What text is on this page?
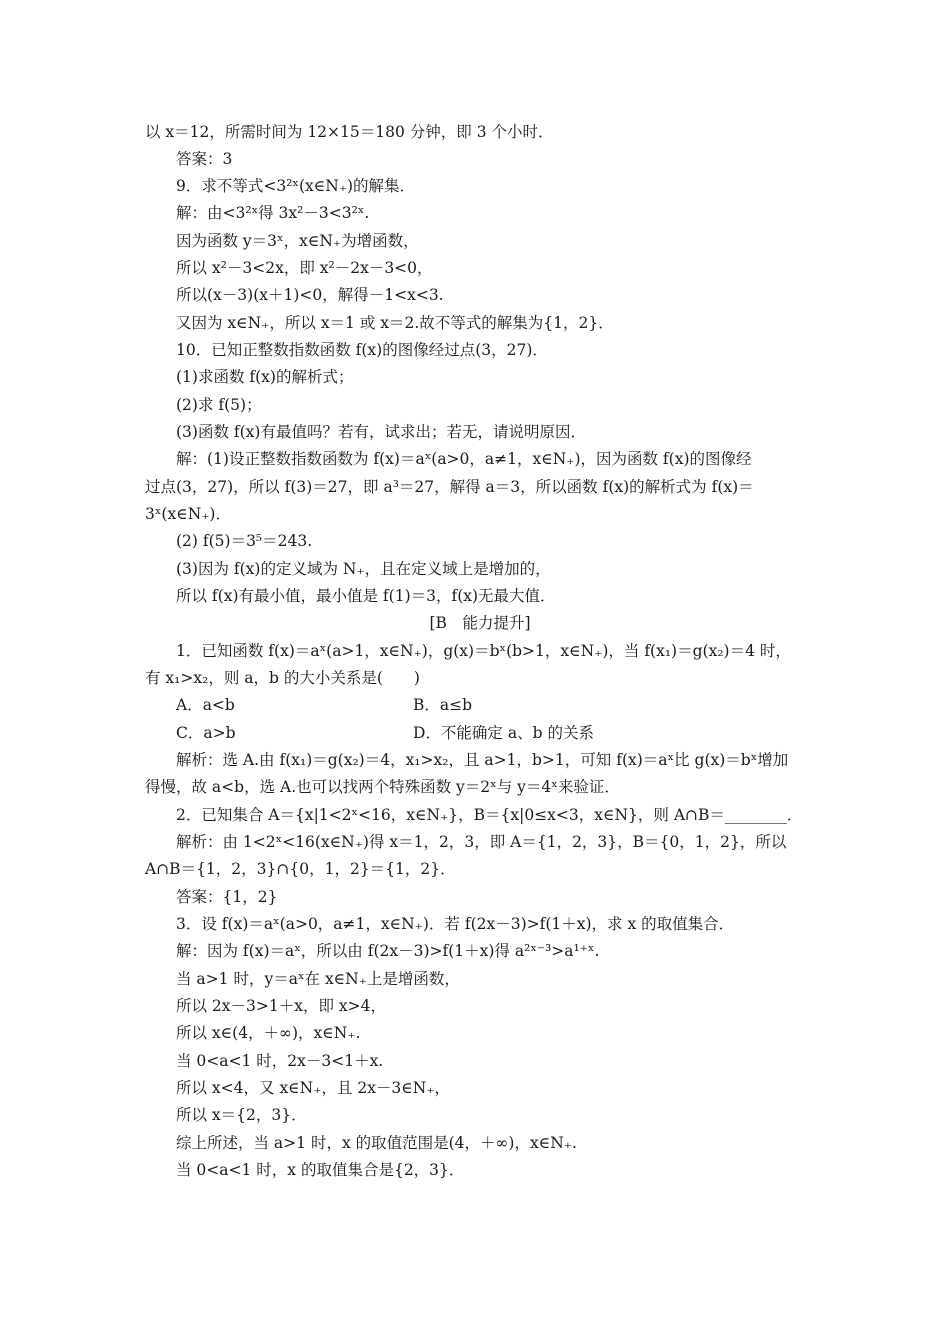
以 x＝12，所需时间为 12×15＝180 分钟，即 3 个小时．
答案：3
9．求不等式<3²ˣ(x∈N₊)的解集．
解：由<3²ˣ得 3x²－3<3²ˣ.
因为函数 y＝3ˣ，x∈N₊为增函数，
所以 x²－3<2x，即 x²－2x－3<0，
所以(x－3)(x＋1)<0，解得－1<x<3.
又因为 x∈N₊，所以 x＝1 或 x＝2.故不等式的解集为{1，2}．
10．已知正整数指数函数 f(x)的图像经过点(3，27)．
(1)求函数 f(x)的解析式；
(2)求 f(5)；
(3)函数 f(x)有最值吗？若有，试求出；若无，请说明原因．
解：(1)设正整数指数函数为 f(x)＝aˣ(a>0，a≠1，x∈N₊)，因为函数 f(x)的图像经
过点(3，27)，所以 f(3)＝27，即 a³＝27，解得 a＝3，所以函数 f(x)的解析式为 f(x)＝
3ˣ(x∈N₊)．
(2) f(5)＝3⁵＝243.
(3)因为 f(x)的定义域为 N₊，且在定义域上是增加的，
所以 f(x)有最小值，最小值是 f(1)＝3，f(x)无最大值．
[B　能力提升]
1．已知函数 f(x)＝aˣ(a>1，x∈N₊)，g(x)＝bˣ(b>1，x∈N₊)，当 f(x₁)＝g(x₂)＝4 时，
有 x₁>x₂，则 a，b 的大小关系是(　　)
A．a<b	B．a≤b
C．a>b	D．不能确定 a、b 的关系
解析：选 A.由 f(x₁)＝g(x₂)＝4，x₁>x₂，且 a>1，b>1，可知 f(x)＝aˣ比 g(x)＝bˣ增加
得慢，故 a<b，选 A.也可以找两个特殊函数 y＝2ˣ与 y＝4ˣ来验证．
2．已知集合 A＝{x|1<2ˣ<16，x∈N₊}，B＝{x|0≤x<3，x∈N}，则 A∩B＝________．
解析：由 1<2ˣ<16(x∈N₊)得 x＝1，2，3，即 A＝{1，2，3}，B＝{0，1，2}，所以
A∩B＝{1，2，3}∩{0，1，2}＝{1，2}．
答案：{1，2}
3．设 f(x)＝aˣ(a>0，a≠1，x∈N₊)．若 f(2x－3)>f(1＋x)，求 x 的取值集合．
解：因为 f(x)＝aˣ，所以由 f(2x－3)>f(1＋x)得 a²ˣ⁻³>a¹⁺ˣ.
当 a>1 时，y＝aˣ在 x∈N₊上是增函数，
所以 2x－3>1＋x，即 x>4，
所以 x∈(4，＋∞)，x∈N₊.
当 0<a<1 时，2x－3<1＋x.
所以 x<4，又 x∈N₊，且 2x－3∈N₊，
所以 x＝{2，3}．
综上所述，当 a>1 时，x 的取值范围是(4，＋∞)，x∈N₊.
当 0<a<1 时，x 的取值集合是{2，3}．
